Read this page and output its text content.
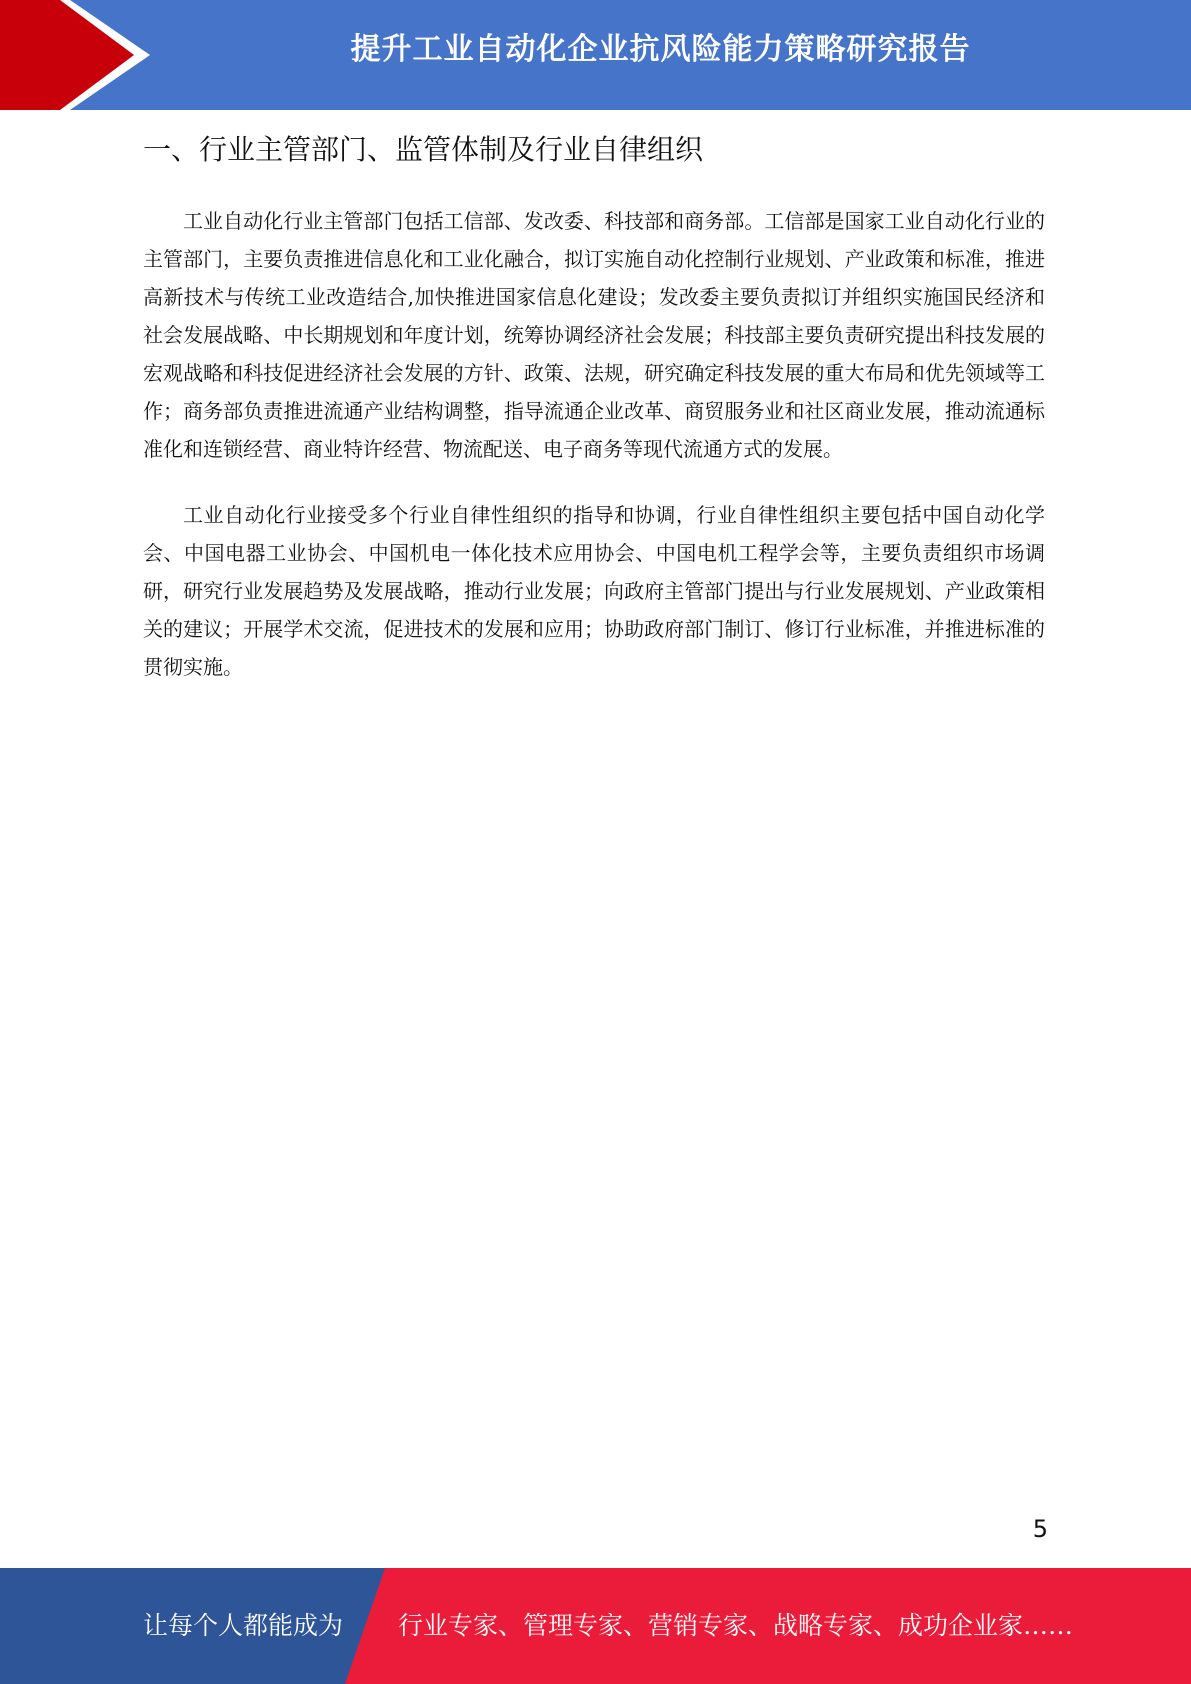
提升工业自动化企业抗风险能力策略研究报告
一、行业主管部门、监管体制及行业自律组织

工业自动化行业主管部门包括工信部、发改委、科技部和商务部。工信部是国家工业自动化行业的主管部门，主要负责推进信息化和工业化融合，拟订实施自动化控制行业规划、产业政策和标准，推进高新技术与传统工业改造结合,加快推进国家信息化建设；发改委主要负责拟订并组织实施国民经济和社会发展战略、中长期规划和年度计划，统筹协调经济社会发展；科技部主要负责研究提出科技发展的宏观战略和科技促进经济社会发展的方针、政策、法规，研究确定科技发展的重大布局和优先领域等工作；商务部负责推进流通产业结构调整，指导流通企业改革、商贸服务业和社区商业发展，推动流通标准化和连锁经营、商业特许经营、物流配送、电子商务等现代流通方式的发展。

工业自动化行业接受多个行业自律性组织的指导和协调，行业自律性组织主要包括中国自动化学会、中国电器工业协会、中国机电一体化技术应用协会、中国电机工程学会等，主要负责组织市场调研，研究行业发展趋势及发展战略，推动行业发展；向政府主管部门提出与行业发展规划、产业政策相关的建议；开展学术交流，促进技术的发展和应用；协助政府部门制订、修订行业标准，并推进标准的贯彻实施。

5
让每个人都能成为 行业专家、管理专家、营销专家、战略专家、成功企业家……
